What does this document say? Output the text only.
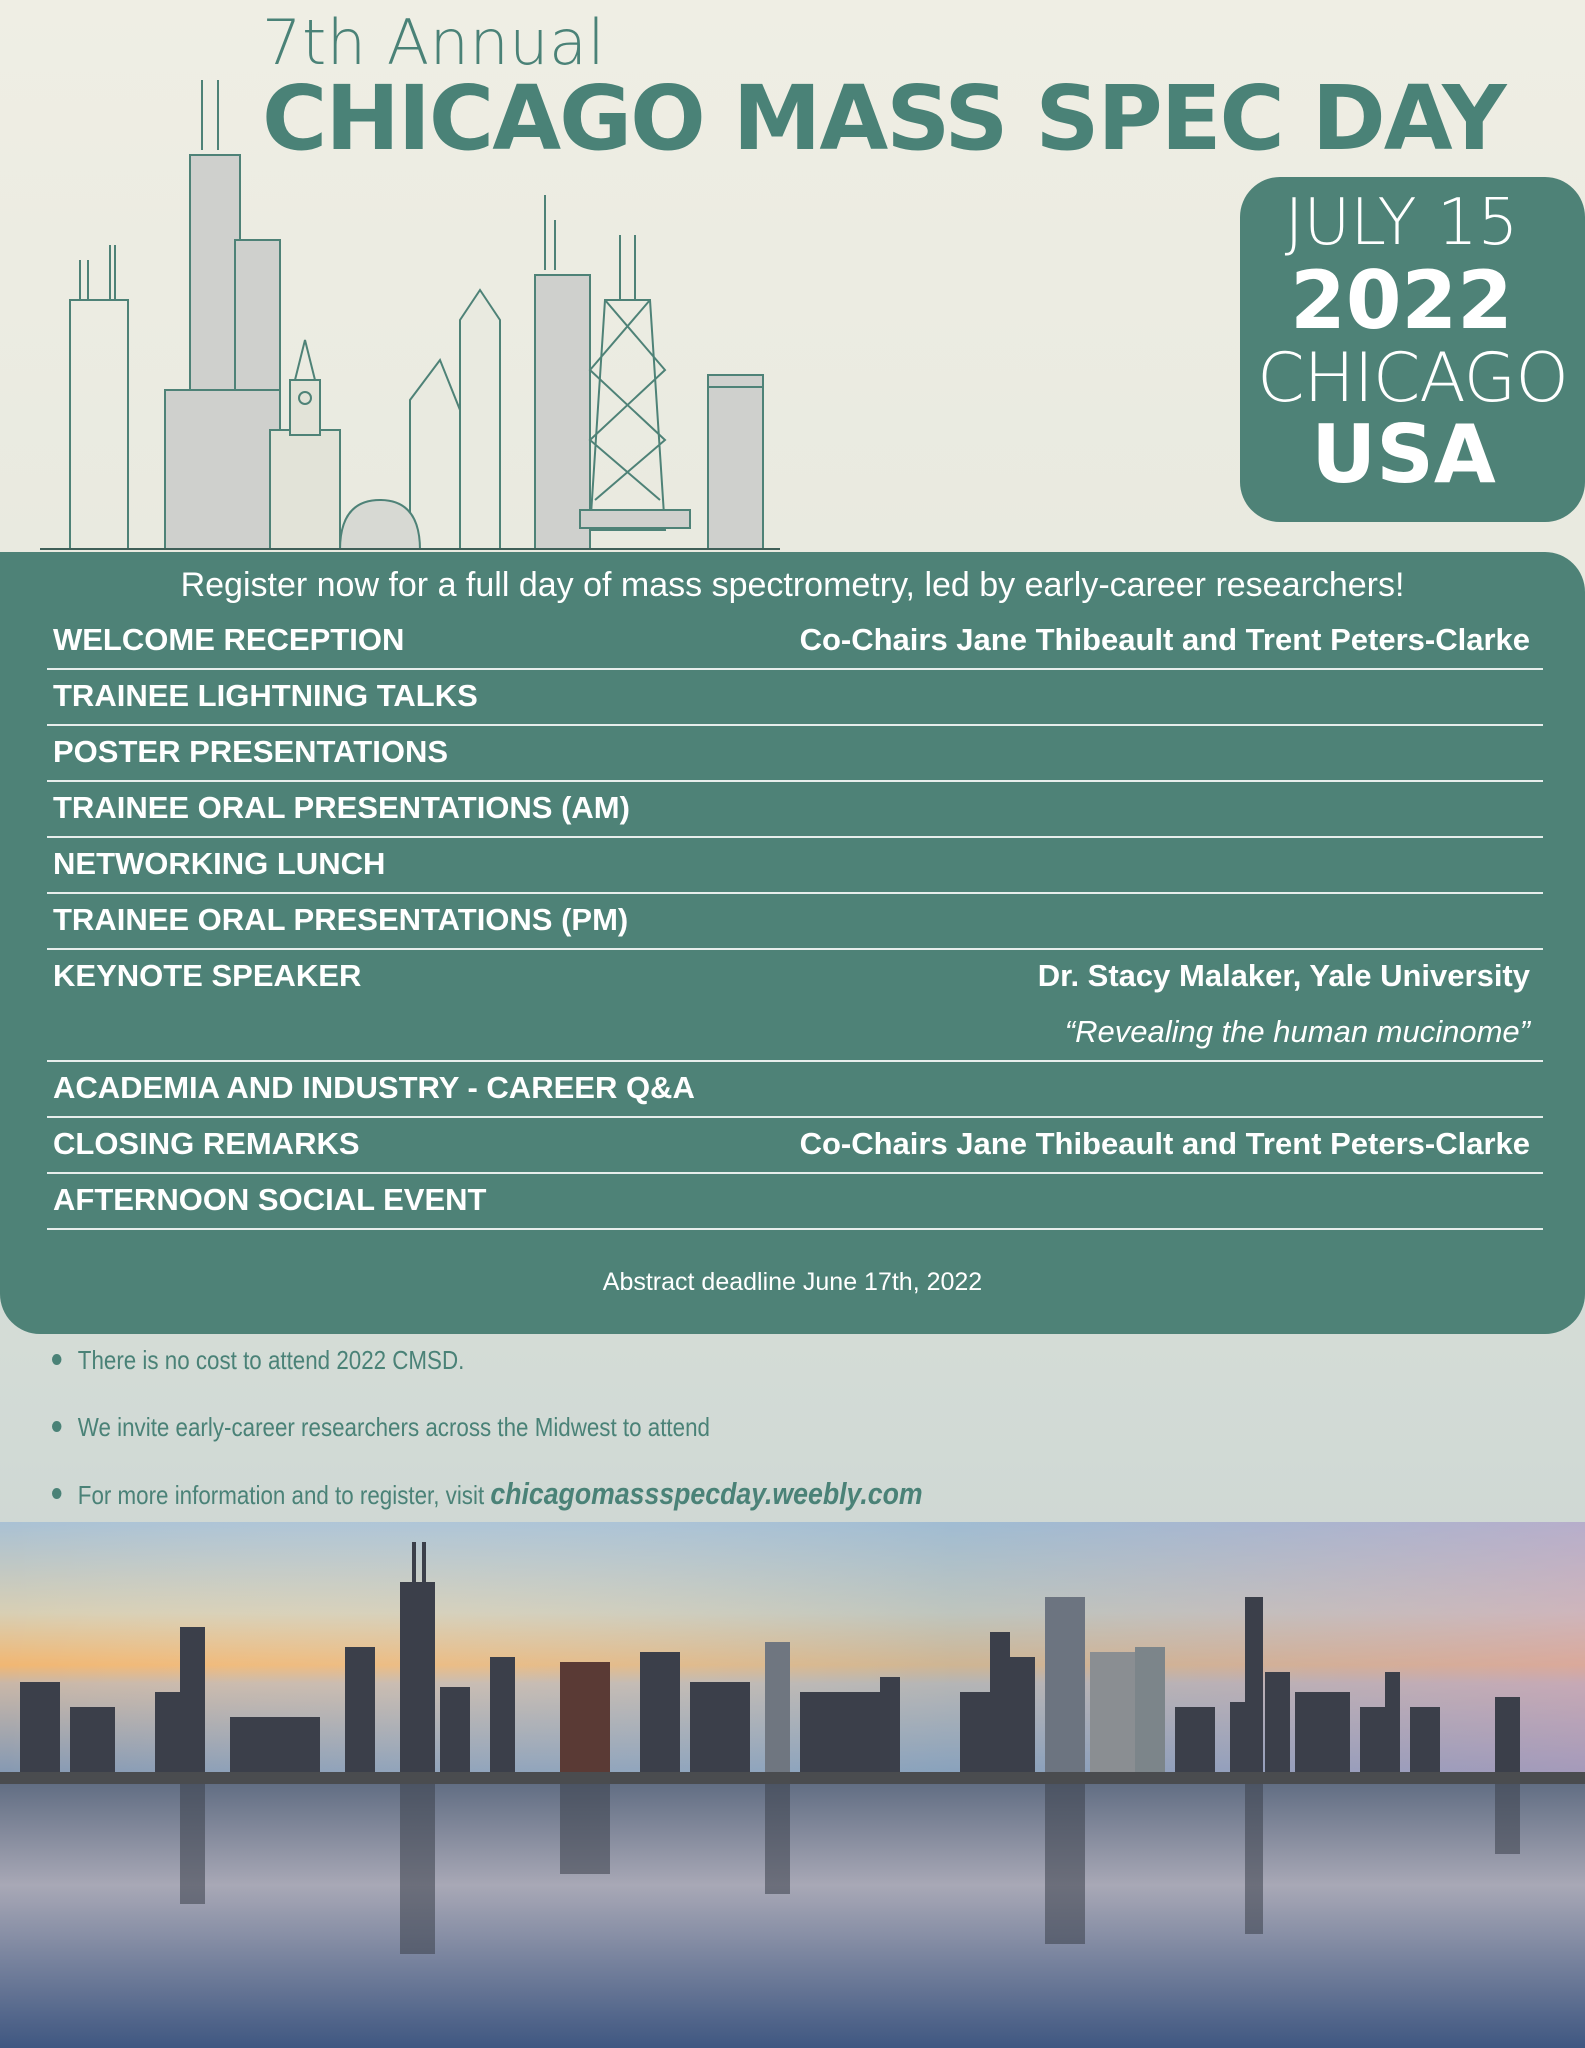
7th Annual
CHICAGO MASS SPEC DAY
JULY 15
2022
CHICAGO
USA
Register now for a full day of mass spectrometry, led by early-career researchers!
WELCOME RECEPTION	Co-Chairs Jane Thibeault and Trent Peters-Clarke
TRAINEE LIGHTNING TALKS
POSTER PRESENTATIONS
TRAINEE ORAL PRESENTATIONS (AM)
NETWORKING LUNCH
TRAINEE ORAL PRESENTATIONS (PM)
KEYNOTE SPEAKER	Dr. Stacy Malaker, Yale University
“Revealing the human mucinome”
ACADEMIA AND INDUSTRY - CAREER Q&A
CLOSING REMARKS	Co-Chairs Jane Thibeault and Trent Peters-Clarke
AFTERNOON SOCIAL EVENT
Abstract deadline June 17th, 2022
There is no cost to attend 2022 CMSD.
We invite early-career researchers across the Midwest to attend
For more information and to register, visit chicagomassspecday.weebly.com
